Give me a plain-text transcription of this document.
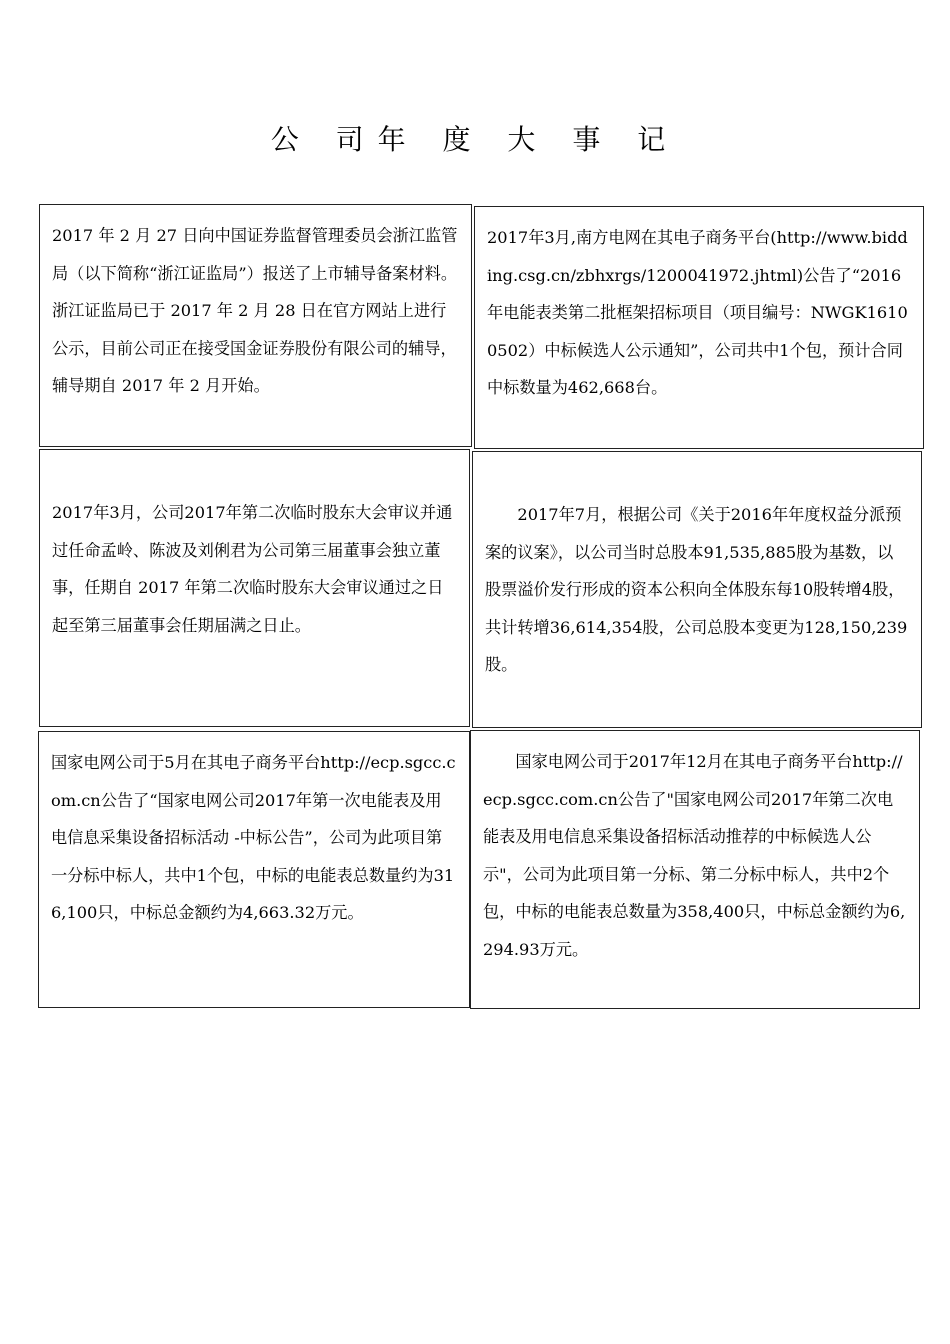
公 司年 度 大 事 记

2017 年 2 月 27 日向中国证券监督管理委员会浙江监管局（以下简称“浙江证监局”）报送了上市辅导备案材料。浙江证监局已于 2017 年 2 月 28 日在官方网站上进行公示，目前公司正在接受国金证券股份有限公司的辅导，辅导期自 2017 年 2 月开始。

2017年3月,南方电网在其电子商务平台(http://www.bidding.csg.cn/zbhxrgs/1200041972.jhtml)公告了“2016年电能表类第二批框架招标项目（项目编号：NWGK16100502）中标候选人公示通知”，公司共中1个包，预计合同中标数量为462,668台。

2017年3月，公司2017年第二次临时股东大会审议并通过任命孟岭、陈波及刘俐君为公司第三届董事会独立董事，任期自 2017 年第二次临时股东大会审议通过之日起至第三届董事会任期届满之日止。

2017年7月，根据公司《关于2016年年度权益分派预案的议案》，以公司当时总股本91,535,885股为基数，以股票溢价发行形成的资本公积向全体股东每10股转增4股，共计转增36,614,354股，公司总股本变更为128,150,239股。

国家电网公司于5月在其电子商务平台http://ecp.sgcc.com.cn公告了“国家电网公司2017年第一次电能表及用电信息采集设备招标活动 -中标公告”，公司为此项目第一分标中标人，共中1个包，中标的电能表总数量约为316,100只，中标总金额约为4,663.32万元。

国家电网公司于2017年12月在其电子商务平台http://ecp.sgcc.com.cn公告了"国家电网公司2017年第二次电能表及用电信息采集设备招标活动推荐的中标候选人公示"，公司为此项目第一分标、第二分标中标人，共中2个包，中标的电能表总数量为358,400只，中标总金额约为6,294.93万元。
